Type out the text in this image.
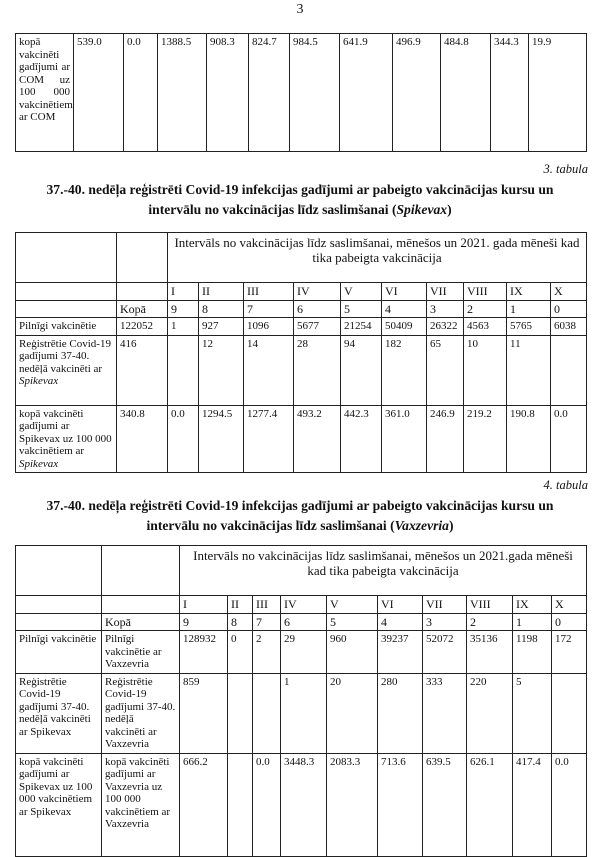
3
kopā vakcinēti gadījumi ar COM uz 100 000 vakcinētiem ar COM	539.0	0.0	1388.5	908.3	824.7	984.5	641.9	496.9	484.8	344.3	19.9
3. tabula
37.-40. nedēļa reģistrēti Covid-19 infekcijas gadījumi ar pabeigto vakcinācijas kursu un
intervālu no vakcinācijas līdz saslimšanai (Spikevax)
		Intervāls no vakcinācijas līdz saslimšanai, mēnešos un 2021. gada mēneši kad tika pabeigta vakcinācija									
		I	II	III	IV	V	VI	VII	VIII	IX	X
	Kopā	9	8	7	6	5	4	3	2	1	0
Pilnīgi vakcinētie	122052	1	927	1096	5677	21254	50409	26322	4563	5765	6038
Reģistrētie Covid-19 gadījumi 37-40. nedēļā vakcinēti ar Spikevax	416		12	14	28	94	182	65	10	11	
kopā vakcinēti gadījumi ar Spikevax uz 100 000 vakcinētiem ar Spikevax	340.8	0.0	1294.5	1277.4	493.2	442.3	361.0	246.9	219.2	190.8	0.0
4. tabula
37.-40. nedēļa reģistrēti Covid-19 infekcijas gadījumi ar pabeigto vakcinācijas kursu un
intervālu no vakcinācijas līdz saslimšanai (Vaxzevria)
		Intervāls no vakcinācijas līdz saslimšanai, mēnešos un 2021.gada mēneši kad tika pabeigta vakcinācija									
		I	II	III	IV	V	VI	VII	VIII	IX	X
	Kopā	9	8	7	6	5	4	3	2	1	0
Pilnīgi vakcinētie	Pilnīgi vakcinētie ar Vaxzevria	128932	0	2	29	960	39237	52072	35136	1198	172
Reģistrētie Covid-19 gadījumi 37-40. nedēļā vakcinēti ar Spikevax	Reģistrētie Covid-19 gadījumi 37-40. nedēļā vakcinēti ar Vaxzevria	859			1	20	280	333	220	5	
kopā vakcinēti gadījumi ar Spikevax uz 100 000 vakcinētiem ar Spikevax	kopā vakcinēti gadījumi ar Vaxzevria uz 100 000 vakcinētiem ar Vaxzevria	666.2		0.0	3448.3	2083.3	713.6	639.5	626.1	417.4	0.0
